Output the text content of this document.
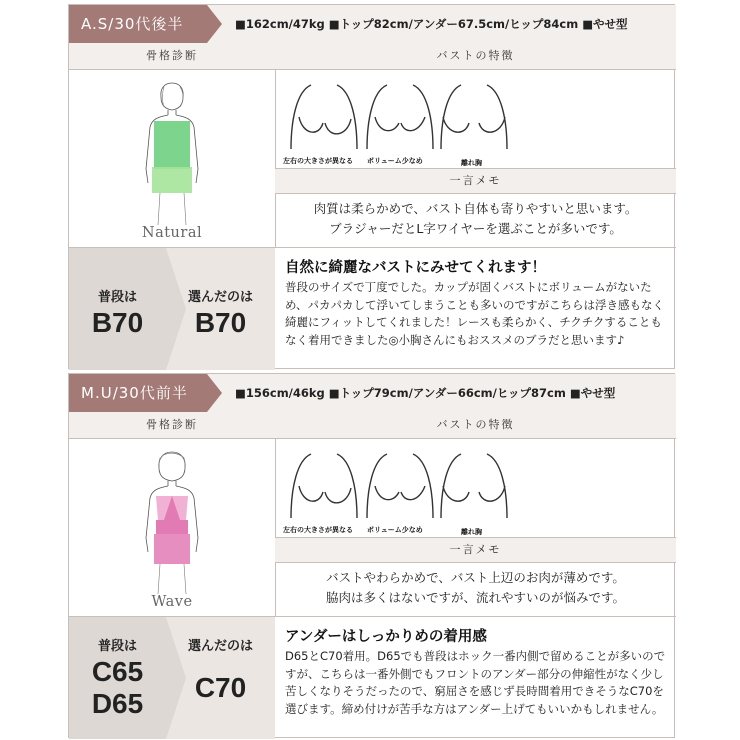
A.S/30代後半	■162cm/47kg ■トップ82cm/アンダー67.5cm/ヒップ84cm ■やせ型
骨格診断
Natural
バストの特徴
左右の大きさが異なる ボリューム少なめ	離れ胸
一言メモ
肉質は柔らかめで、バスト自体も寄りやすいと思います。
ブラジャーだとL字ワイヤーを選ぶことが多いです。
普段は
B70
選んだのは
B70
自然に綺麗なバストにみせてくれます！
普段のサイズで丁度でした。カップが固くバストにボリュームがないため、パカパカして浮いてしまうことも多いのですがこちらは浮き感もなく綺麗にフィットしてくれました！レースも柔らかく、チクチクすることもなく着用できました◎小胸さんにもおススメのブラだと思います♪
M.U/30代前半	■156cm/46kg ■トップ79cm/アンダー66cm/ヒップ87cm ■やせ型
骨格診断
Wave
バストの特徴
左右の大きさが異なる ボリューム少なめ	離れ胸
一言メモ
バストやわらかめで、バスト上辺のお肉が薄めです。
脇肉は多くはないですが、流れやすいのが悩みです。
普段は
C65
D65
選んだのは
C70
アンダーはしっかりめの着用感
D65とC70着用。D65でも普段はホック一番内側で留めることが多いのですが、こちらは一番外側でもフロントのアンダー部分の伸縮性がなく少し苦しくなりそうだったので、窮屈さを感じず長時間着用できそうなC70を選びます。締め付けが苦手な方はアンダー上げてもいいかもしれません。
